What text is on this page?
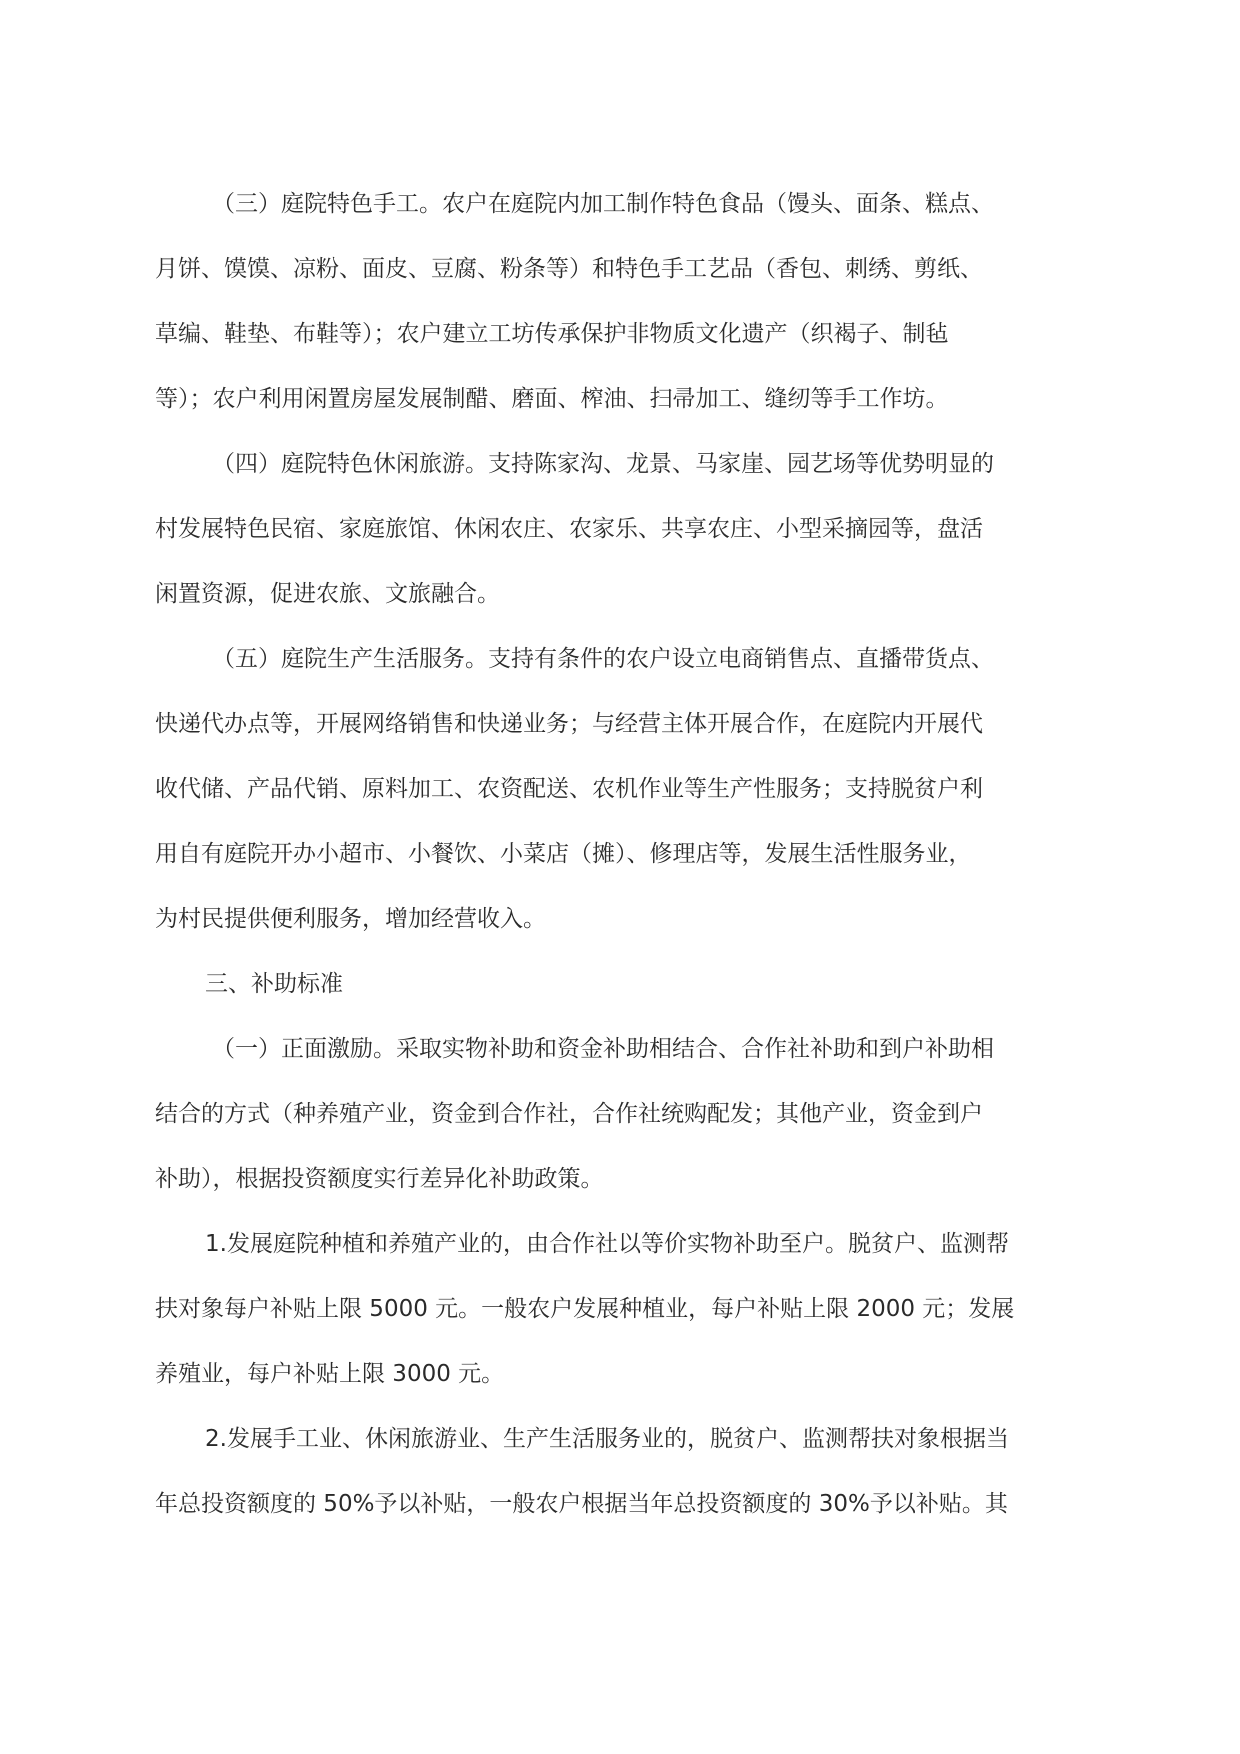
（三）庭院特色手工。农户在庭院内加工制作特色食品（馒头、面条、糕点、
月饼、馍馍、凉粉、面皮、豆腐、粉条等）和特色手工艺品（香包、刺绣、剪纸、
草编、鞋垫、布鞋等）；农户建立工坊传承保护非物质文化遗产（织褐子、制毡
等）；农户利用闲置房屋发展制醋、磨面、榨油、扫帚加工、缝纫等手工作坊。
（四）庭院特色休闲旅游。支持陈家沟、龙景、马家崖、园艺场等优势明显的
村发展特色民宿、家庭旅馆、休闲农庄、农家乐、共享农庄、小型采摘园等，盘活
闲置资源，促进农旅、文旅融合。
（五）庭院生产生活服务。支持有条件的农户设立电商销售点、直播带货点、
快递代办点等，开展网络销售和快递业务；与经营主体开展合作，在庭院内开展代
收代储、产品代销、原料加工、农资配送、农机作业等生产性服务；支持脱贫户利
用自有庭院开办小超市、小餐饮、小菜店（摊）、修理店等，发展生活性服务业，
为村民提供便利服务，增加经营收入。
三、补助标准
（一）正面激励。采取实物补助和资金补助相结合、合作社补助和到户补助相
结合的方式（种养殖产业，资金到合作社，合作社统购配发；其他产业，资金到户
补助），根据投资额度实行差异化补助政策。
1.发展庭院种植和养殖产业的，由合作社以等价实物补助至户。脱贫户、监测帮
扶对象每户补贴上限 5000 元。一般农户发展种植业，每户补贴上限 2000 元；发展
养殖业，每户补贴上限 3000 元。
2.发展手工业、休闲旅游业、生产生活服务业的，脱贫户、监测帮扶对象根据当
年总投资额度的 50%予以补贴，一般农户根据当年总投资额度的 30%予以补贴。其
